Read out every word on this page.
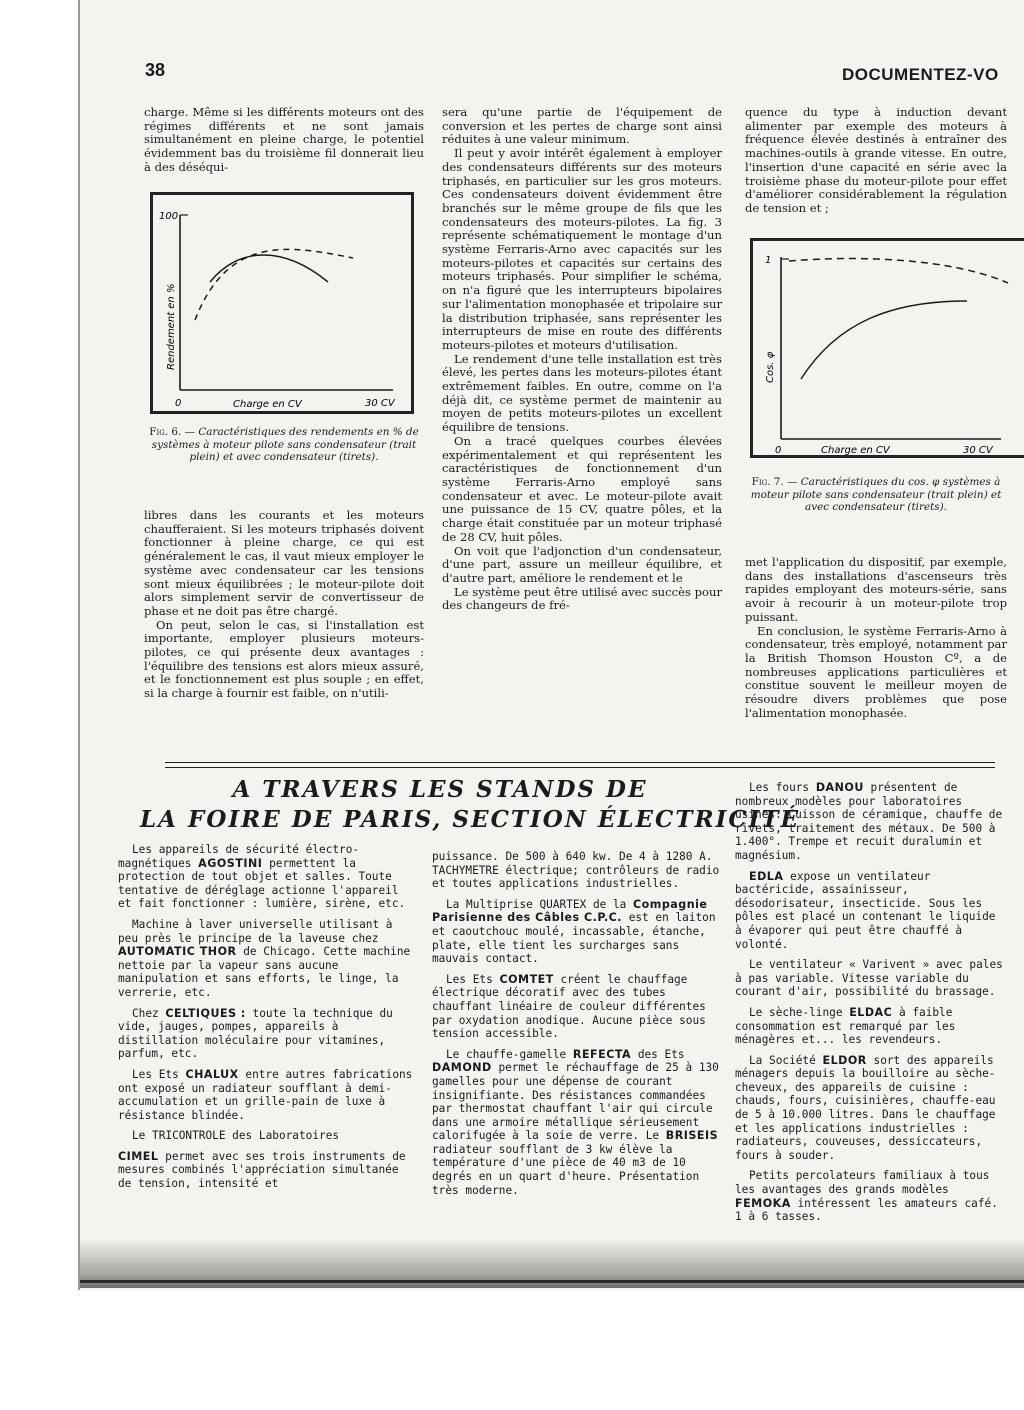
38	DOCUMENTEZ-VO

charge. Même si les différents moteurs ont des régimes différents et ne sont jamais simultanément en pleine charge, le potentiel évidemment bas du troisième fil donnerait lieu à des déséqui-

100
0	30 CV
Charge en CV
Rendement en %
Fig. 6. — Caractéristiques des rendements en % de systèmes à moteur pilote sans condensateur (trait plein) et avec condensateur (tirets).

libres dans les courants et les moteurs chaufferaient. Si les moteurs triphasés doivent fonctionner à pleine charge, ce qui est généralement le cas, il vaut mieux employer le système avec condensateur car les tensions sont mieux équilibrées ; le moteur-pilote doit alors simplement servir de convertisseur de phase et ne doit pas être chargé.

On peut, selon le cas, si l'installation est importante, employer plusieurs moteurs-pilotes, ce qui présente deux avantages : l'équilibre des tensions est alors mieux assuré, et le fonctionnement est plus souple ; en effet, si la charge à fournir est faible, on n'utili-

sera qu'une partie de l'équipement de conversion et les pertes de charge sont ainsi réduites à une valeur minimum.

Il peut y avoir intérêt également à employer des condensateurs différents sur des moteurs triphasés, en particulier sur les gros moteurs. Ces condensateurs doivent évidemment être branchés sur le même groupe de fils que les condensateurs des moteurs-pilotes. La fig. 3 représente schématiquement le montage d'un système Ferraris-Arno avec capacités sur les moteurs-pilotes et capacités sur certains des moteurs triphasés. Pour simplifier le schéma, on n'a figuré que les interrupteurs bipolaires sur l'alimentation monophasée et tripolaire sur la distribution triphasée, sans représenter les interrupteurs de mise en route des différents moteurs-pilotes et moteurs d'utilisation.

Le rendement d'une telle installation est très élevé, les pertes dans les moteurs-pilotes étant extrêmement faibles. En outre, comme on l'a déjà dit, ce système permet de maintenir au moyen de petits moteurs-pilotes un excellent équilibre de tensions.

On a tracé quelques courbes élevées expérimentalement et qui représentent les caractéristiques de fonctionnement d'un système Ferraris-Arno employé sans condensateur et avec. Le moteur-pilote avait une puissance de 15 CV, quatre pôles, et la charge était constituée par un moteur triphasé de 28 CV, huit pôles.

On voit que l'adjonction d'un condensateur, d'une part, assure un meilleur équilibre, et d'autre part, améliore le rendement et le

Le système peut être utilisé avec succès pour des changeurs de fré-

quence du type à induction devant alimenter par exemple des moteurs à fréquence élevée destinés à entraîner des machines-outils à grande vitesse. En outre, l'insertion d'une capacité en série avec la troisième phase du moteur-pilote pour effet d'améliorer considérablement la régulation de tension et ;

1
0	30 CV
Charge en CV
Cos. φ
Fig. 7. — Caractéristiques du cos. φ systèmes à moteur pilote sans condensateur (trait plein) et avec condensateur (tirets).

met l'application du dispositif, par exemple, dans des installations d'ascenseurs très rapides employant des moteurs-série, sans avoir à recourir à un moteur-pilote trop puissant.

En conclusion, le système Ferraris-Arno à condensateur, très employé, notamment par la British Thomson Houston Cº, a de nombreuses applications particulières et constitue souvent le meilleur moyen de résoudre divers problèmes que pose l'alimentation monophasée.

A TRAVERS LES STANDS DE
LA FOIRE DE PARIS, SECTION ÉLECTRICITÉ

Les appareils de sécurité électro-magnétiques AGOSTINI permettent la protection de tout objet et salles. Toute tentative de déréglage actionne l'appareil et fait fonctionner : lumière, sirène, etc.

Machine à laver universelle utilisant à peu près le principe de la laveuse chez AUTOMATIC THOR de Chicago. Cette machine nettoie par la vapeur sans aucune manipulation et sans efforts, le linge, la verrerie, etc.

Chez CELTIQUES : toute la technique du vide, jauges, pompes, appareils à distillation moléculaire pour vitamines, parfum, etc.

Les Ets CHALUX entre autres fabrications ont exposé un radiateur soufflant à demi-accumulation et un grille-pain de luxe à résistance blindée.

Le TRICONTROLE des Laboratoires

CIMEL permet avec ses trois instruments de mesures combinés l'appréciation simultanée de tension, intensité et

puissance. De 500 à 640 kw. De 4 à 1280 A. TACHYMETRE électrique; contrôleurs de radio et toutes applications industrielles.

La Multiprise QUARTEX de la Compagnie Parisienne des Câbles C.P.C. est en laiton et caoutchouc moulé, incassable, étanche, plate, elle tient les surcharges sans mauvais contact.

Les Ets COMTET créent le chauffage électrique décoratif avec des tubes chauffant linéaire de couleur différentes par oxydation anodique. Aucune pièce sous tension accessible.

Le chauffe-gamelle REFECTA des Ets DAMOND permet le réchauffage de 25 à 130 gamelles pour une dépense de courant insignifiante. Des résistances commandées par thermostat chauffant l'air qui circule dans une armoire métallique sérieusement calorifugée à la soie de verre. Le BRISEIS radiateur soufflant de 3 kw élève la température d'une pièce de 40 m3 de 10 degrés en un quart d'heure. Présentation très moderne.

Les fours DANOU présentent de nombreux modèles pour laboratoires usines. Cuisson de céramique, chauffe de rivets, traitement des métaux. De 500 à 1.400°. Trempe et recuit duralumin et magnésium.

EDLA expose un ventilateur bactéricide, assainisseur, désodorisateur, insecticide. Sous les pôles est placé un contenant le liquide à évaporer qui peut être chauffé à volonté.

Le ventilateur « Varivent » avec pales à pas variable. Vitesse variable du courant d'air, possibilité du brassage.

Le sèche-linge ELDAC à faible consommation est remarqué par les ménagères et... les revendeurs.

La Société ELDOR sort des appareils ménagers depuis la bouilloire au sèche-cheveux, des appareils de cuisine : chauds, fours, cuisinières, chauffe-eau de 5 à 10.000 litres. Dans le chauffage et les applications industrielles : radiateurs, couveuses, dessiccateurs, fours à souder.

Petits percolateurs familiaux à tous les avantages des grands modèles FEMOKA intéressent les amateurs café. 1 à 6 tasses.
